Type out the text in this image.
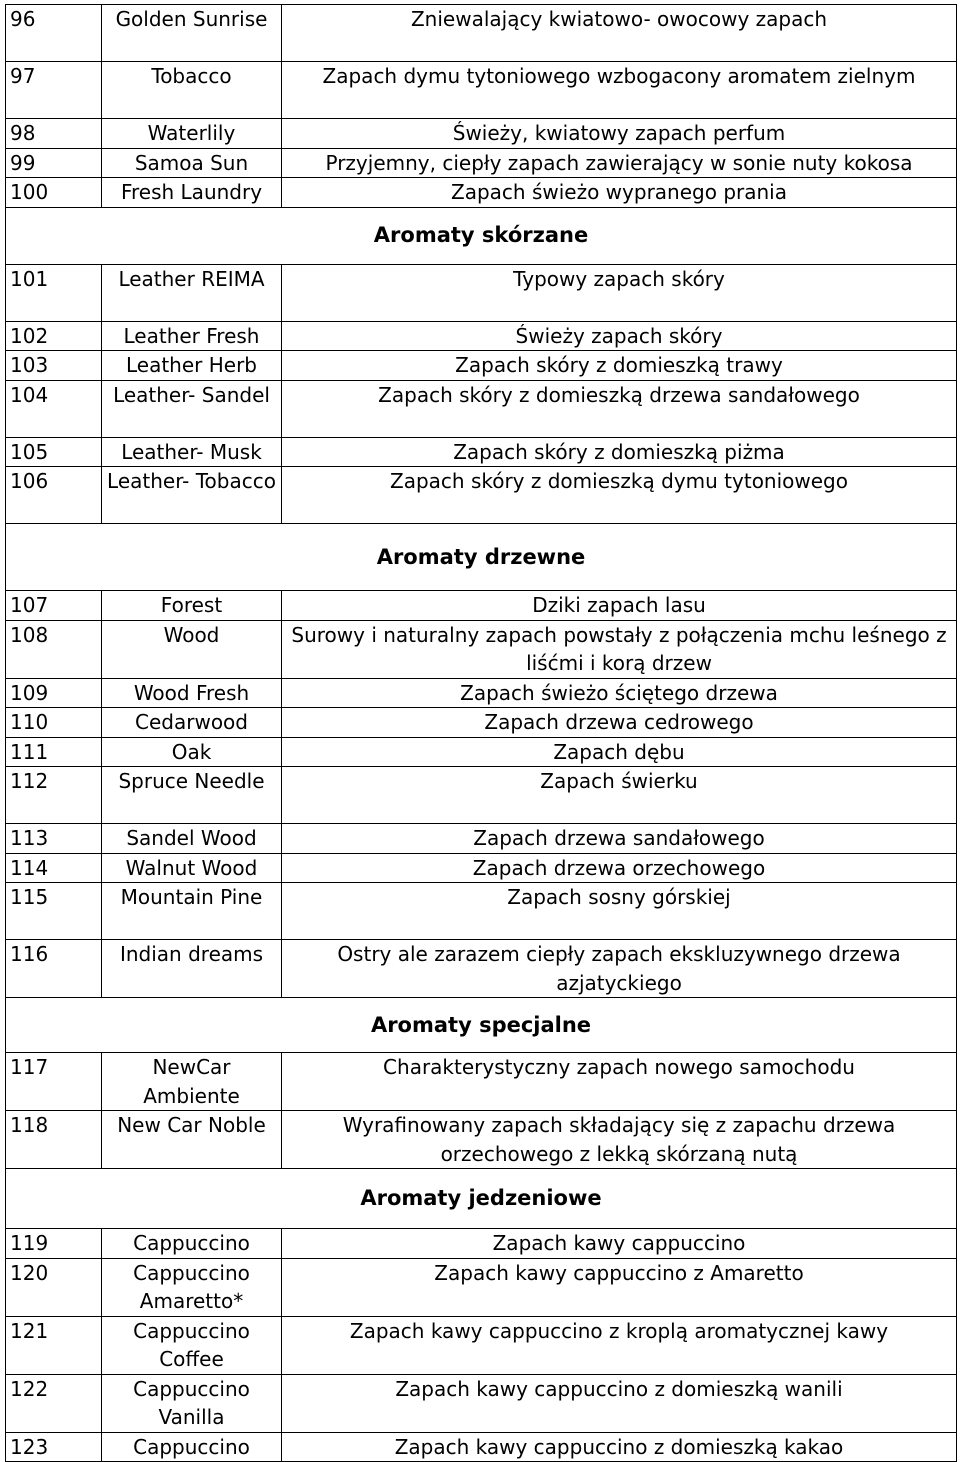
96	Golden Sunrise	Zniewalający kwiatowo- owocowy zapach
97	Tobacco	Zapach dymu tytoniowego wzbogacony aromatem zielnym
98	Waterlily	Świeży, kwiatowy zapach perfum
99	Samoa Sun	Przyjemny, ciepły zapach zawierający w sonie nuty kokosa
100	Fresh Laundry	Zapach świeżo wypranego prania
Aromaty skórzane		
101	Leather REIMA	Typowy zapach skóry
102	Leather Fresh	Świeży zapach skóry
103	Leather Herb	Zapach skóry z domieszką trawy
104	Leather- Sandel	Zapach skóry z domieszką drzewa sandałowego
105	Leather- Musk	Zapach skóry z domieszką piżma
106	Leather- Tobacco	Zapach skóry z domieszką dymu tytoniowego
Aromaty drzewne		
107	Forest	Dziki zapach lasu
108	Wood	Surowy i naturalny zapach powstały z połączenia mchu leśnego z liśćmi i korą drzew
109	Wood Fresh	Zapach świeżo ściętego drzewa
110	Cedarwood	Zapach drzewa cedrowego
111	Oak	Zapach dębu
112	Spruce Needle	Zapach świerku
113	Sandel Wood	Zapach drzewa sandałowego
114	Walnut Wood	Zapach drzewa orzechowego
115	Mountain Pine	Zapach sosny górskiej
116	Indian dreams	Ostry ale zarazem ciepły zapach ekskluzywnego drzewa azjatyckiego
Aromaty specjalne		
117	NewCar Ambiente	Charakterystyczny zapach nowego samochodu
118	New Car Noble	Wyrafinowany zapach składający się z zapachu drzewa orzechowego z lekką skórzaną nutą
Aromaty jedzeniowe		
119	Cappuccino	Zapach kawy cappuccino
120	Cappuccino Amaretto*	Zapach kawy cappuccino z Amaretto
121	Cappuccino Coffee	Zapach kawy cappuccino z kroplą aromatycznej kawy
122	Cappuccino Vanilla	Zapach kawy cappuccino z domieszką wanili
123	Cappuccino	Zapach kawy cappuccino z domieszką kakao
